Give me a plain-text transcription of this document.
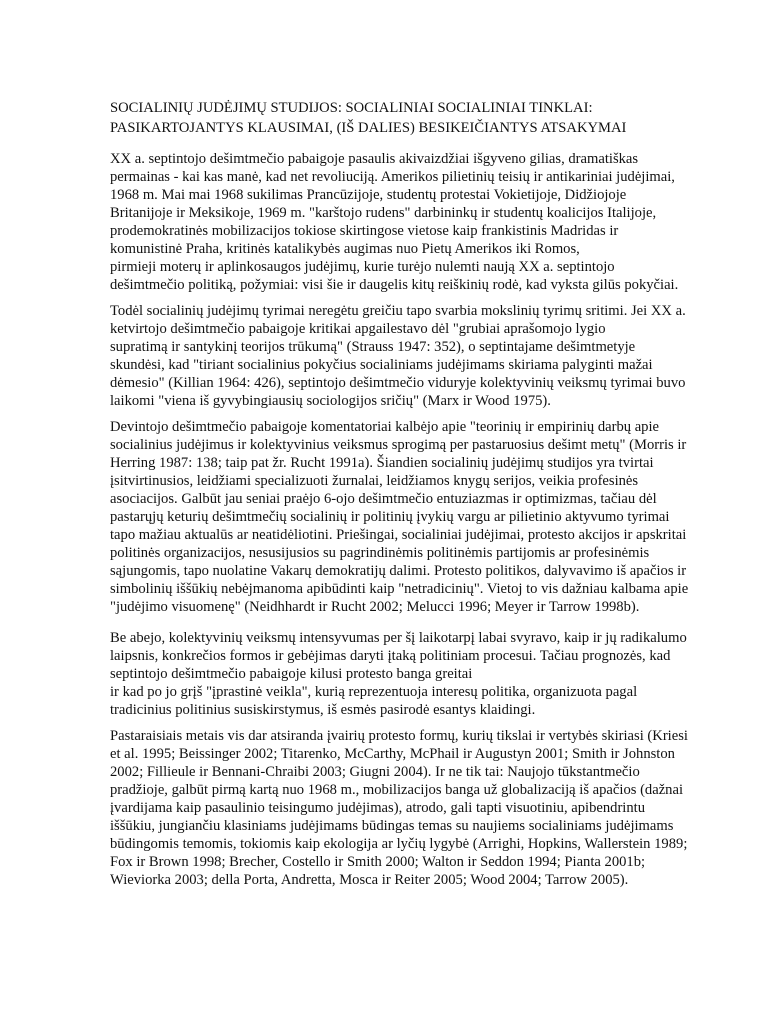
SOCIALINIŲ JUDĖJIMŲ STUDIJOS: SOCIALINIAI SOCIALINIAI TINKLAI:
PASIKARTOJANTYS KLAUSIMAI, (IŠ DALIES) BESIKEIČIANTYS ATSAKYMAI
XX a. septintojo dešimtmečio pabaigoje pasaulis akivaizdžiai išgyveno gilias, dramatiškas
permainas - kai kas manė, kad net revoliuciją. Amerikos pilietinių teisių ir antikariniai judėjimai,
1968 m. Mai mai 1968 sukilimas Prancūzijoje, studentų protestai Vokietijoje, Didžiojoje
Britanijoje ir Meksikoje, 1969 m. "karštojo rudens" darbininkų ir studentų koalicijos Italijoje,
prodemokratinės mobilizacijos tokiose skirtingose vietose kaip frankistinis Madridas ir
komunistinė Praha, kritinės katalikybės augimas nuo Pietų Amerikos iki Romos,
pirmieji moterų ir aplinkosaugos judėjimų, kurie turėjo nulemti naują XX a. septintojo
dešimtmečio politiką, požymiai: visi šie ir daugelis kitų reiškinių rodė, kad vyksta gilūs pokyčiai.
Todėl socialinių judėjimų tyrimai neregėtu greičiu tapo svarbia mokslinių tyrimų sritimi. Jei XX a.
ketvirtojo dešimtmečio pabaigoje kritikai apgailestavo dėl "grubiai aprašomojo lygio
supratimą ir santykinį teorijos trūkumą" (Strauss 1947: 352), o septintajame dešimtmetyje
skundėsi, kad "tiriant socialinius pokyčius socialiniams judėjimams skiriama palyginti mažai
dėmesio" (Killian 1964: 426), septintojo dešimtmečio viduryje kolektyvinių veiksmų tyrimai buvo
laikomi "viena iš gyvybingiausių sociologijos sričių" (Marx ir Wood 1975).
Devintojo dešimtmečio pabaigoje komentatoriai kalbėjo apie "teorinių ir empirinių darbų apie
socialinius judėjimus ir kolektyvinius veiksmus sprogimą per pastaruosius dešimt metų" (Morris ir
Herring 1987: 138; taip pat žr. Rucht 1991a). Šiandien socialinių judėjimų studijos yra tvirtai
įsitvirtinusios, leidžiami specializuoti žurnalai, leidžiamos knygų serijos, veikia profesinės
asociacijos. Galbūt jau seniai praėjo 6-ojo dešimtmečio entuziazmas ir optimizmas, tačiau dėl
pastarųjų keturių dešimtmečių socialinių ir politinių įvykių vargu ar pilietinio aktyvumo tyrimai
tapo mažiau aktualūs ar neatidėliotini. Priešingai, socialiniai judėjimai, protesto akcijos ir apskritai
politinės organizacijos, nesusijusios su pagrindinėmis politinėmis partijomis ar profesinėmis
sąjungomis, tapo nuolatine Vakarų demokratijų dalimi. Protesto politikos, dalyvavimo iš apačios ir
simbolinių iššūkių nebėjmanoma apibūdinti kaip "netradicinių". Vietoj to vis dažniau kalbama apie
"judėjimo visuomenę" (Neidhhardt ir Rucht 2002; Melucci 1996; Meyer ir Tarrow 1998b).
Be abejo, kolektyvinių veiksmų intensyvumas per šį laikotarpį labai svyravo, kaip ir jų radikalumo
laipsnis, konkrečios formos ir gebėjimas daryti įtaką politiniam procesui. Tačiau prognozės, kad
septintojo dešimtmečio pabaigoje kilusi protesto banga greitai
ir kad po jo grįš "įprastinė veikla", kurią reprezentuoja interesų politika, organizuota pagal
tradicinius politinius susiskirstymus, iš esmės pasirodė esantys klaidingi.
Pastaraisiais metais vis dar atsiranda įvairių protesto formų, kurių tikslai ir vertybės skiriasi (Kriesi
et al. 1995; Beissinger 2002; Titarenko, McCarthy, McPhail ir Augustyn 2001; Smith ir Johnston
2002; Fillieule ir Bennani-Chraibi 2003; Giugni 2004). Ir ne tik tai: Naujojo tūkstantmečio
pradžioje, galbūt pirmą kartą nuo 1968 m., mobilizacijos banga už globalizaciją iš apačios (dažnai
įvardijama kaip pasaulinio teisingumo judėjimas), atrodo, gali tapti visuotiniu, apibendrintu
iššūkiu, jungiančiu klasiniams judėjimams būdingas temas su naujiems socialiniams judėjimams
būdingomis temomis, tokiomis kaip ekologija ar lyčių lygybė (Arrighi, Hopkins, Wallerstein 1989;
Fox ir Brown 1998; Brecher, Costello ir Smith 2000; Walton ir Seddon 1994; Pianta 2001b;
Wieviorka 2003; della Porta, Andretta, Mosca ir Reiter 2005; Wood 2004; Tarrow 2005).
